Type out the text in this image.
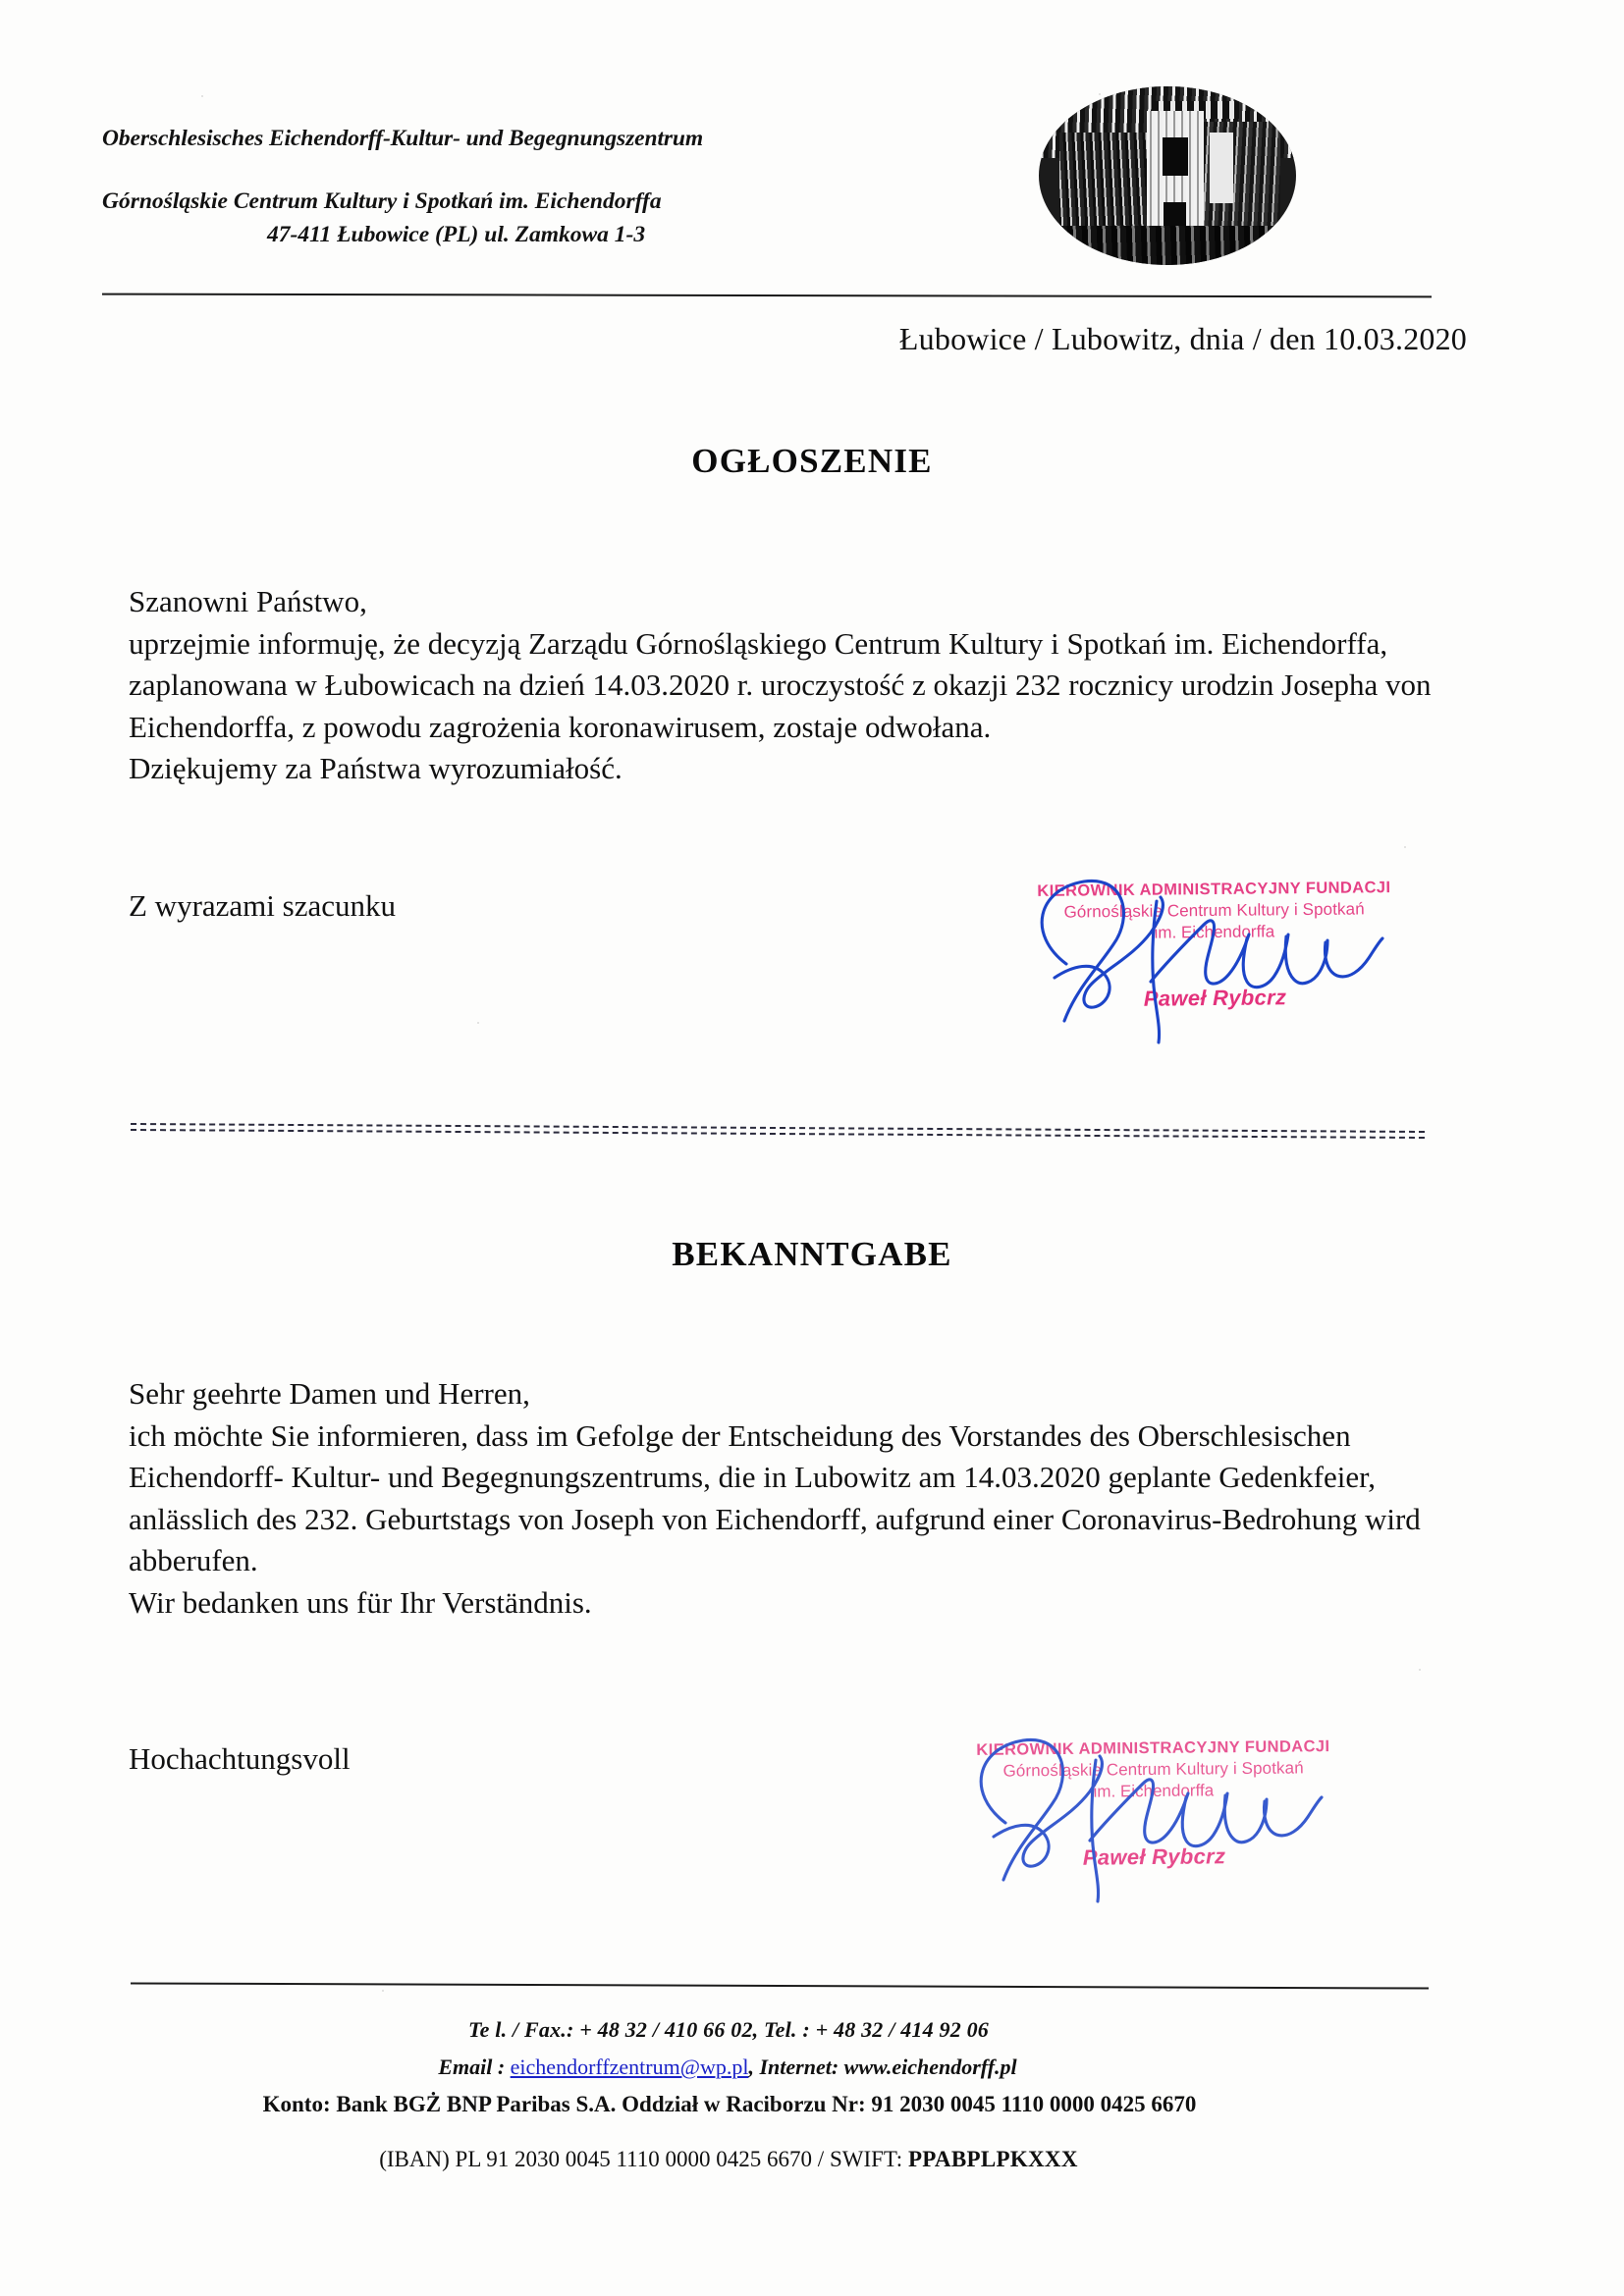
Oberschlesisches Eichendorff-Kultur- und Begegnungszentrum
Górnośląskie Centrum Kultury i Spotkań im. Eichendorffa
47-411 Łubowice (PL) ul. Zamkowa 1-3
Łubowice / Lubowitz, dnia / den 10.03.2020
OGŁOSZENIE
Szanowni Państwo,

uprzejmie informuję, że decyzją Zarządu Górnośląskiego Centrum Kultury i Spotkań im. Eichendorffa, zaplanowana w Łubowicach na dzień 14.03.2020 r. uroczystość z okazji 232 rocznicy urodzin Josepha von Eichendorffa, z powodu zagrożenia koronawirusem, zostaje odwołana.

Dziękujemy za Państwa wyrozumiałość.
Z wyrazami szacunku	KIEROWNIK ADMINISTRACYJNY FUNDACJI
Górnośląskie Centrum Kultury i Spotkań
im. Eichendorffa
Paweł Rybcrz
BEKANNTGABE
Sehr geehrte Damen und Herren,

ich möchte Sie informieren, dass im Gefolge der Entscheidung des Vorstandes des Oberschlesischen Eichendorff- Kultur- und Begegnungszentrums, die in Lubowitz am 14.03.2020 geplante Gedenkfeier, anlässlich des 232. Geburtstags von Joseph von Eichendorff, aufgrund einer Coronavirus-Bedrohung wird abberufen.

Wir bedanken uns für Ihr Verständnis.
Hochachtungsvoll	KIEROWNIK ADMINISTRACYJNY FUNDACJI
Górnośląskie Centrum Kultury i Spotkań
im. Eichendorffa
Paweł Rybcrz
Te l. / Fax.: + 48 32 / 410 66 02, Tel. : + 48 32 / 414 92 06
Email : eichendorffzentrum@wp.pl, Internet: www.eichendorff.pl
Konto: Bank BGŻ BNP Paribas S.A. Oddział w Raciborzu Nr: 91 2030 0045 1110 0000 0425 6670
(IBAN) PL 91 2030 0045 1110 0000 0425 6670 / SWIFT: PPABPLPKXXX
